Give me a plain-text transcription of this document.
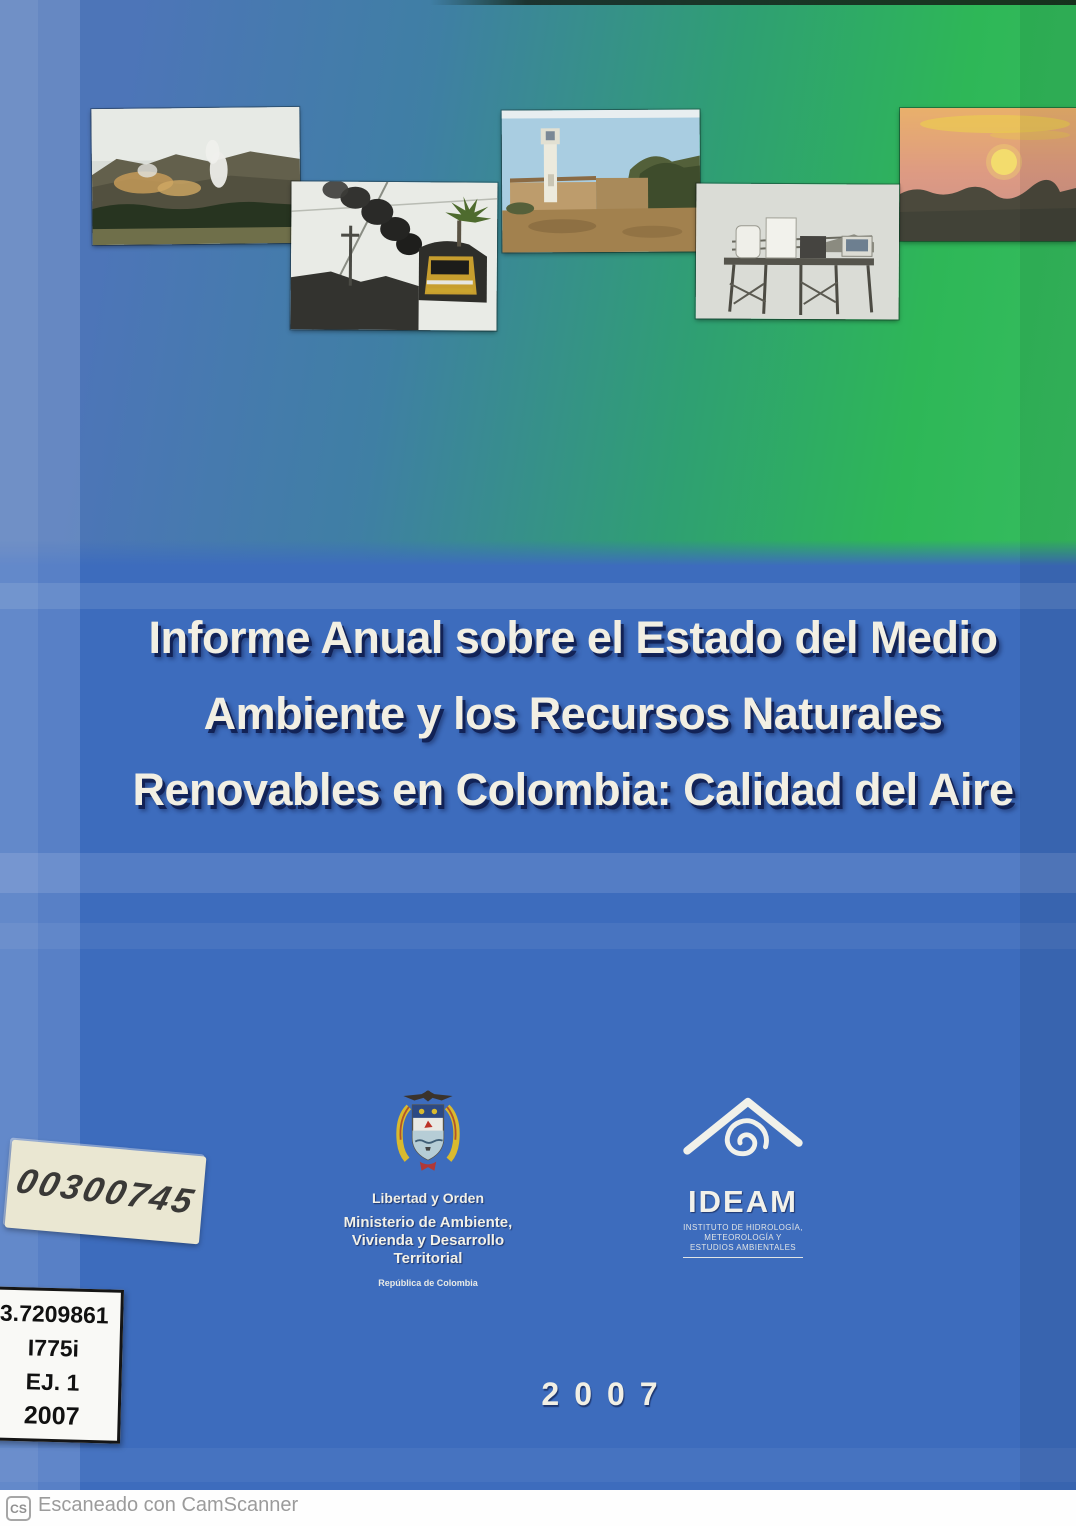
Informe Anual sobre el Estado del Medio
Ambiente y los Recursos Naturales
Renovables en Colombia: Calidad del Aire
Libertad y Orden
Ministerio de Ambiente,
Vivienda y Desarrollo Territorial
República de Colombia
IDEAM
INSTITUTO DE HIDROLOGÍA,
METEOROLOGÍA Y
ESTUDIOS AMBIENTALES
2007
00300745
3.7209861
I775i
EJ. 1
2007
CS Escaneado con CamScanner
